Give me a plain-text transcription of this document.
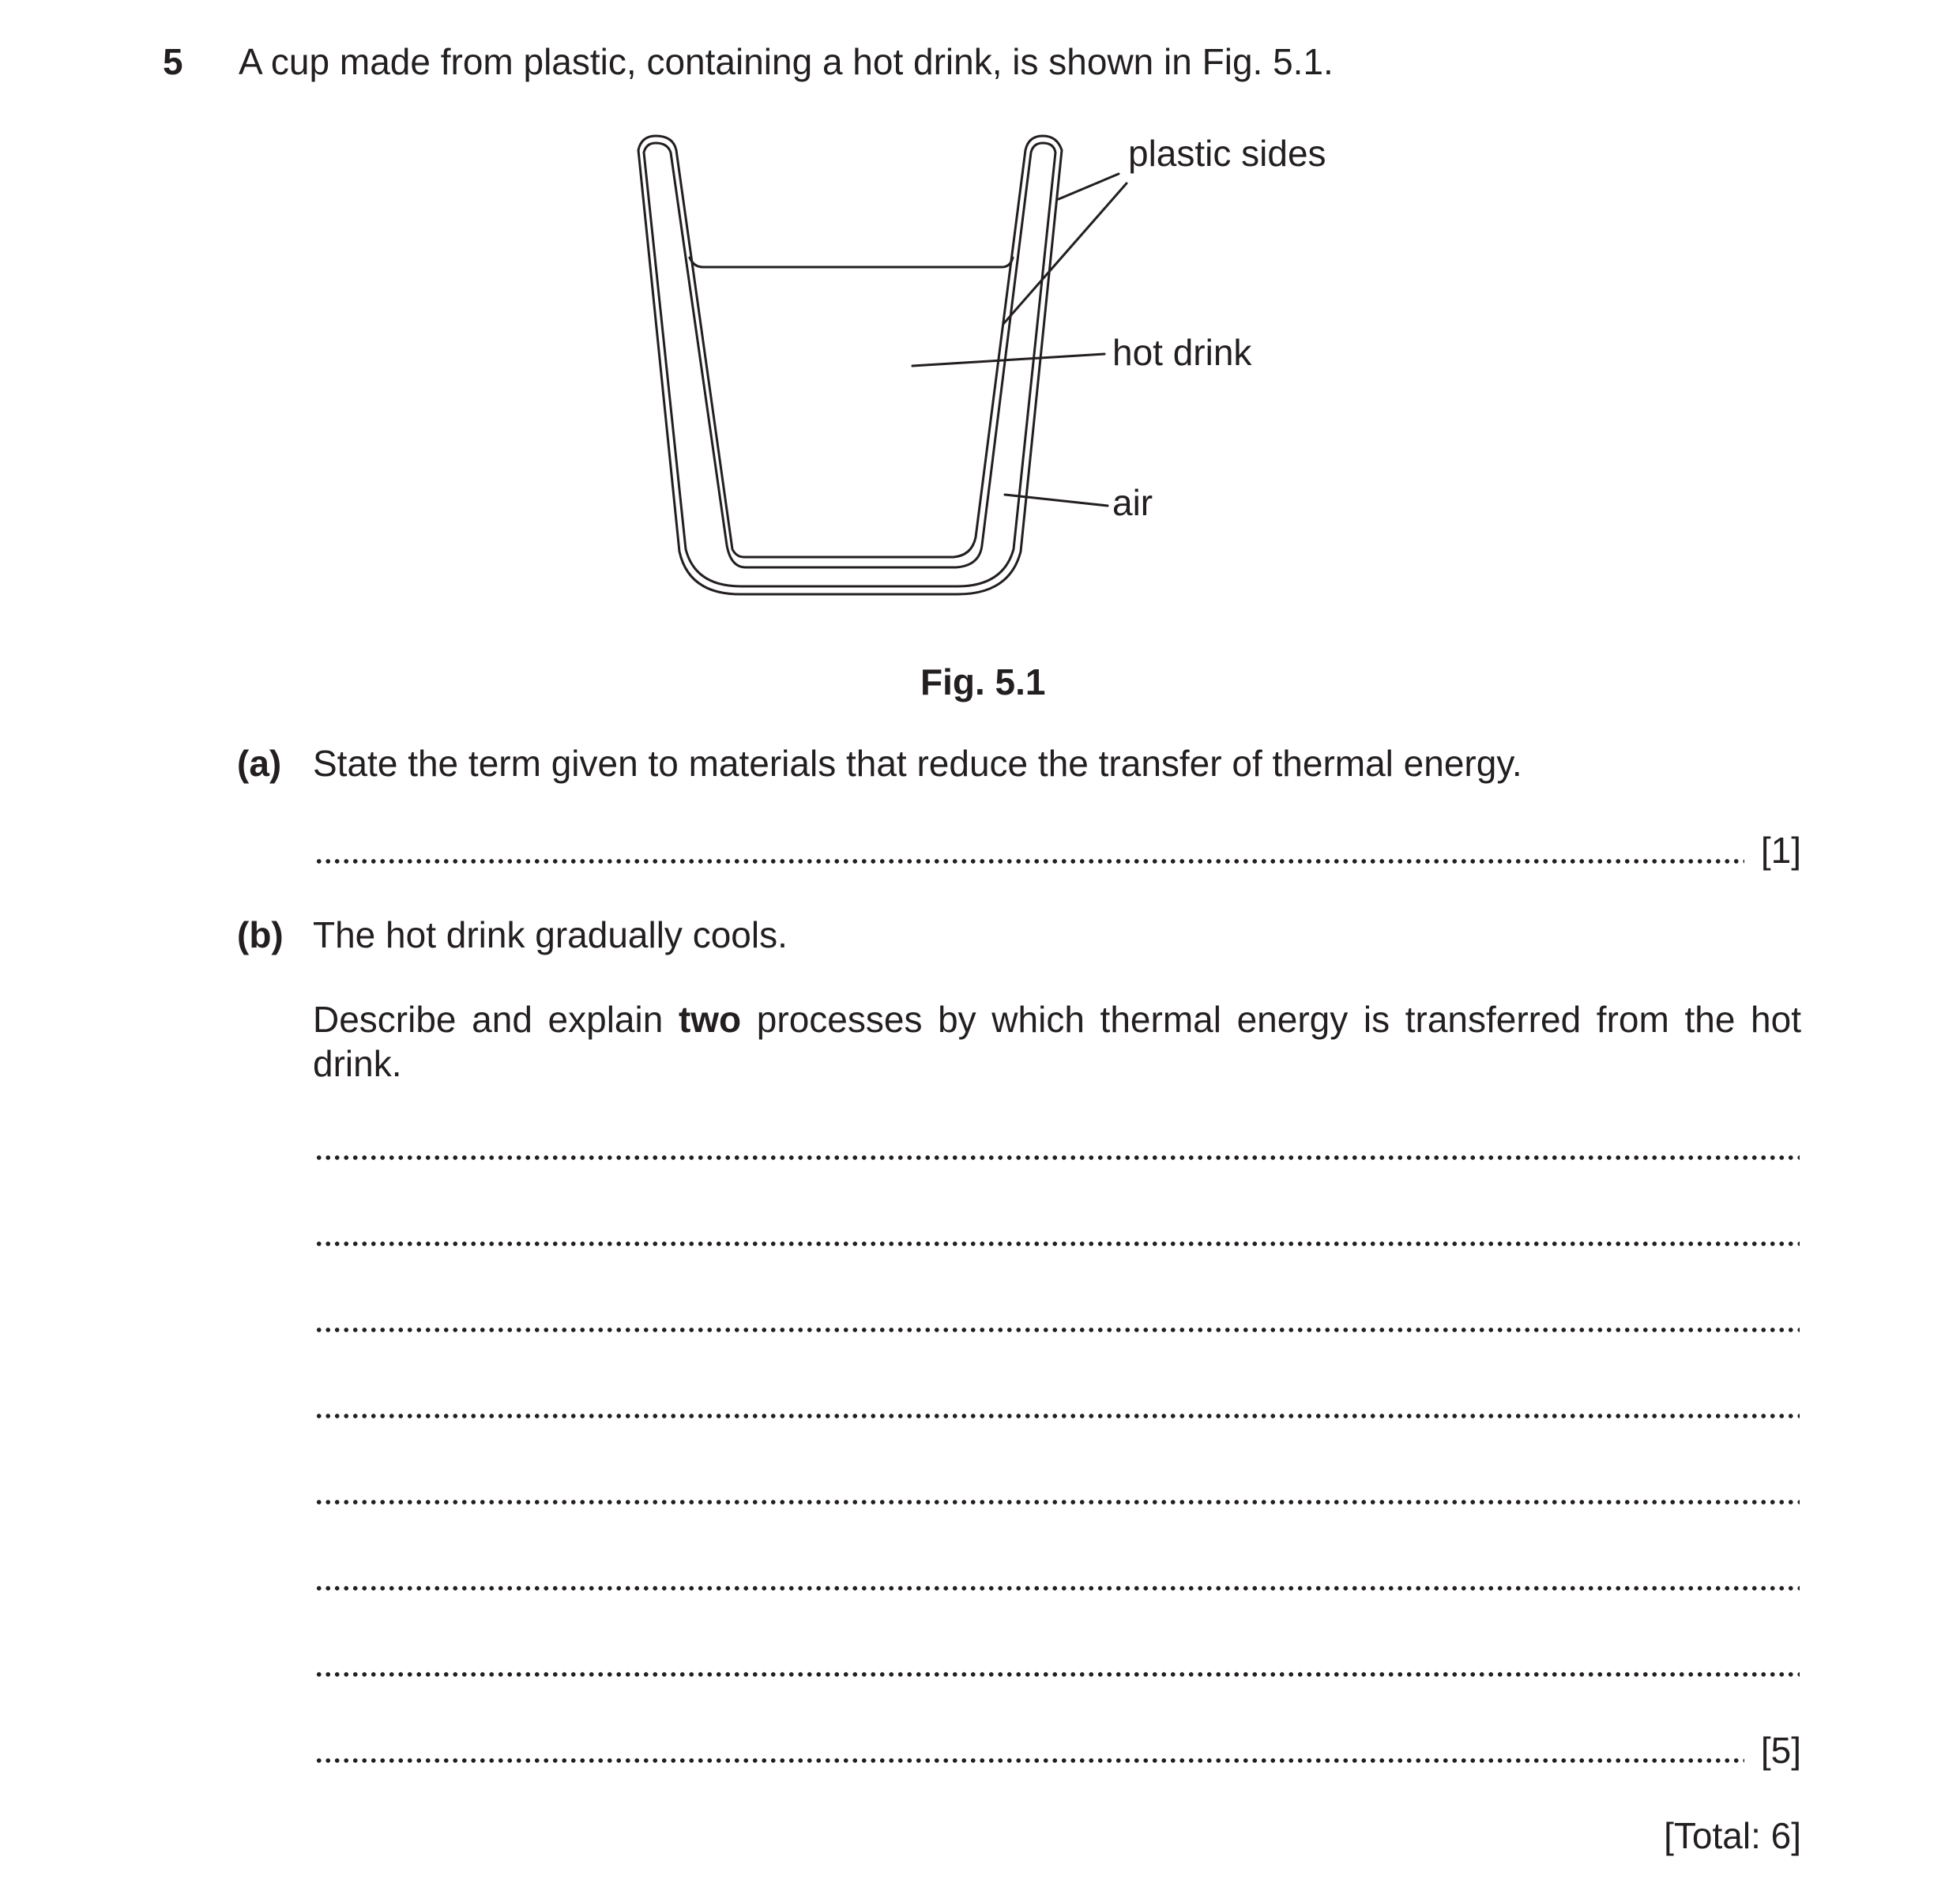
5 A cup made from plastic, containing a hot drink, is shown in Fig. 5.1.
plastic sides
hot drink
air
Fig. 5.1
(a) State the term given to materials that reduce the transfer of thermal energy.
[1]
(b) The hot drink gradually cools.
Describe and explain two processes by which thermal energy is transferred from the hot drink.
[5]
[Total: 6]
